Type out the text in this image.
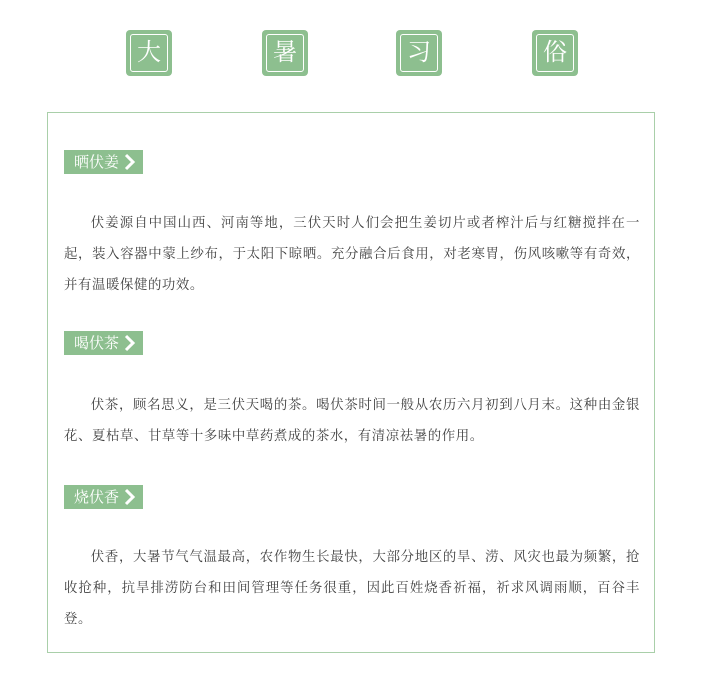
大	暑	习	俗
晒伏姜

伏姜源自中国山西、河南等地，三伏天时人们会把生姜切片或者榨汁后与红糖搅拌在一起，装入容器中蒙上纱布，于太阳下晾晒。充分融合后食用，对老寒胃，伤风咳嗽等有奇效，并有温暖保健的功效。

喝伏茶

伏茶，顾名思义，是三伏天喝的茶。喝伏茶时间一般从农历六月初到八月末。这种由金银花、夏枯草、甘草等十多味中草药煮成的茶水，有清凉祛暑的作用。

烧伏香

伏香，大暑节气气温最高，农作物生长最快，大部分地区的旱、涝、风灾也最为频繁，抢收抢种，抗旱排涝防台和田间管理等任务很重，因此百姓烧香祈福，祈求风调雨顺，百谷丰登。
